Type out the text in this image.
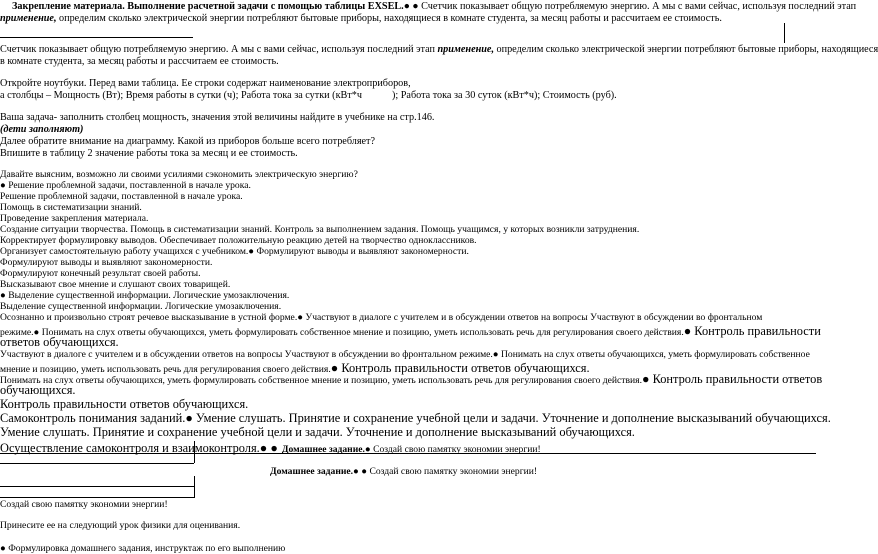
Закрепление материала. Выполнение расчетной задачи с помощью таблицы EXSEL.● ● Счетчик показывает общую потребляемую энергию. А мы с вами сейчас, используя последний этап
применение, определим сколько электрической энергии потребляют бытовые приборы, находящиеся в комнате студента, за месяц работы и рассчитаем ее стоимость.
Счетчик показывает общую потребляемую энергию. А мы с вами сейчас, используя последний этап применение, определим сколько электрической энергии потребляют бытовые приборы, находящиеся
в комнате студента, за месяц работы и рассчитаем ее стоимость.
Откройте ноутбуки. Перед вами таблица. Ее строки содержат наименование электроприборов,
а столбцы – Мощность (Вт); Время работы в сутки (ч); Работа тока за сутки (кВт*ч	); Работа тока за 30 суток (кВт*ч); Стоимость (руб).
Ваша задача- заполнить столбец мощность, значения этой величины найдите в учебнике на стр.146.
(дети заполняют)
Далее обратите внимание на диаграмму. Какой из приборов больше всего потребляет?
Впишите в таблицу 2 значение работы тока за месяц и ее стоимость.
Давайте выясним, возможно ли своими усилиями сэкономить электрическую энергию?
● Решение проблемной задачи, поставленной в начале урока.
Решение проблемной задачи, поставленной в начале урока.
Помощь в систематизации знаний.
Проведение закрепления материала.
Создание ситуации творчества. Помощь в систематизации знаний. Контроль за выполнением задания. Помощь учащимся, у которых возникли затруднения.
Корректирует формулировку выводов. Обеспечивает положительную реакцию детей на творчество одноклассников.
Организует самостоятельную работу учащихся с учебником.● Формулируют выводы и выявляют закономерности.
Формулируют выводы и выявляют закономерности.
Формулируют конечный результат своей работы.
Высказывают свое мнение и слушают своих товарищей.
● Выделение существенной информации. Логические умозаключения.
Выделение существенной информации. Логические умозаключения.
Осознанно и произвольно строят речевое высказывание в устной форме.● Участвуют в диалоге с учителем и в обсуждении ответов на вопросы Участвуют в обсуждении во фронтальном
режиме.● Понимать на слух ответы обучающихся, уметь формулировать собственное мнение и позицию, уметь использовать речь для регулирования своего действия.● Контроль правильности
ответов обучающихся.
Участвуют в диалоге с учителем и в обсуждении ответов на вопросы Участвуют в обсуждении во фронтальном режиме.● Понимать на слух ответы обучающихся, уметь формулировать собственное
мнение и позицию, уметь использовать речь для регулирования своего действия.● Контроль правильности ответов обучающихся.
Понимать на слух ответы обучающихся, уметь формулировать собственное мнение и позицию, уметь использовать речь для регулирования своего действия.● Контроль правильности ответов
обучающихся.
Контроль правильности ответов обучающихся.
Самоконтроль понимания заданий.● Умение слушать. Принятие и сохранение учебной цели и задачи. Уточнение и дополнение высказываний обучающихся.
Умение слушать. Принятие и сохранение учебной цели и задачи. Уточнение и дополнение высказываний обучающихся.
Осуществление самоконтроля и взаимоконтроля.● ● Домашнее задание.● Создай свою памятку экономии энергии!
Домашнее задание.● ● Создай свою памятку экономии энергии!
Создай свою памятку экономии энергии!
Принесите ее на следующий урок физики для оценивания.
● Формулировка домашнего задания, инструктаж по его выполнению
